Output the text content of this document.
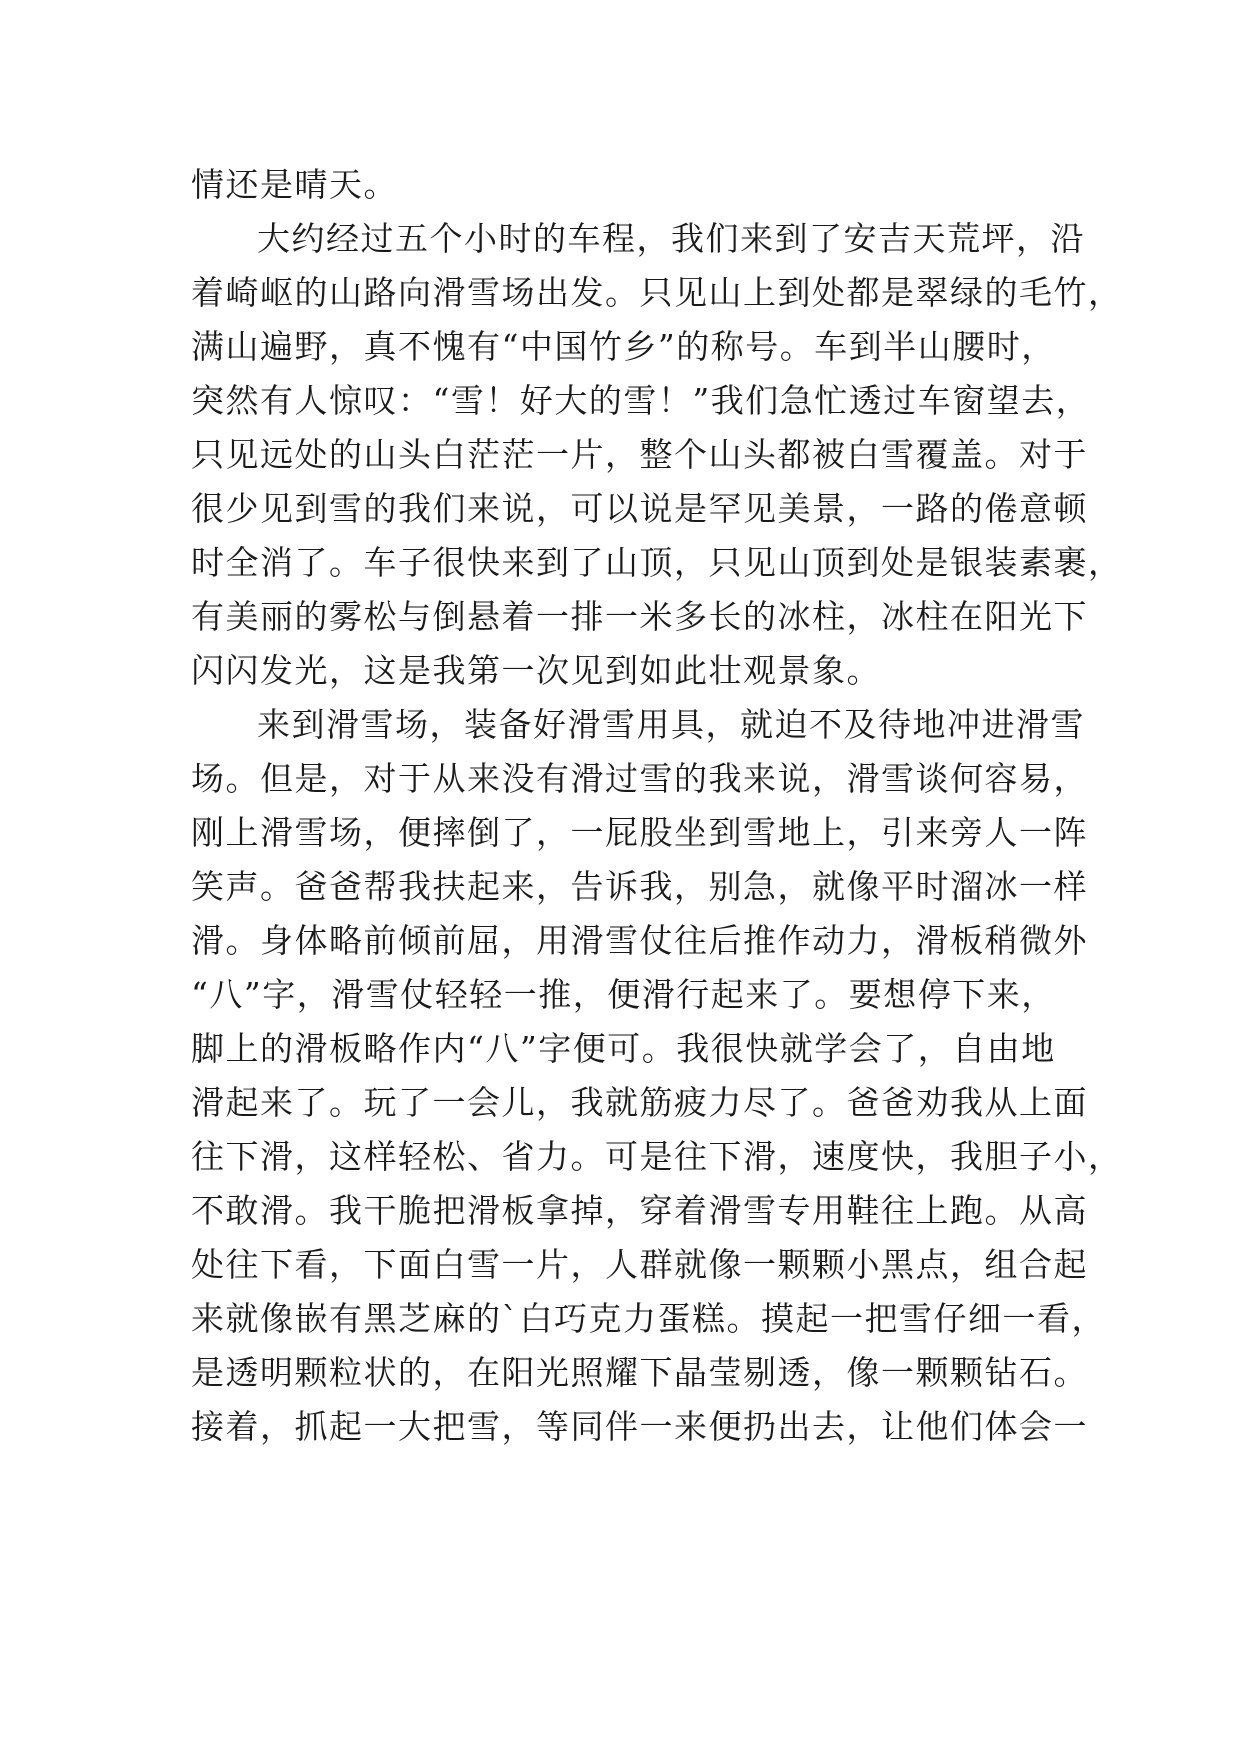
情还是晴天。
大约经过五个小时的车程，我们来到了安吉天荒坪，沿
着崎岖的山路向滑雪场出发。只见山上到处都是翠绿的毛竹，
满山遍野，真不愧有“中国竹乡”的称号。车到半山腰时，
突然有人惊叹：“雪！好大的雪！”我们急忙透过车窗望去，
只见远处的山头白茫茫一片，整个山头都被白雪覆盖。对于
很少见到雪的我们来说，可以说是罕见美景，一路的倦意顿
时全消了。车子很快来到了山顶，只见山顶到处是银装素裹，
有美丽的雾松与倒悬着一排一米多长的冰柱，冰柱在阳光下
闪闪发光，这是我第一次见到如此壮观景象。
来到滑雪场，装备好滑雪用具，就迫不及待地冲进滑雪
场。但是，对于从来没有滑过雪的我来说，滑雪谈何容易，
刚上滑雪场，便摔倒了，一屁股坐到雪地上，引来旁人一阵
笑声。爸爸帮我扶起来，告诉我，别急，就像平时溜冰一样
滑。身体略前倾前屈，用滑雪仗往后推作动力，滑板稍微外
“八”字，滑雪仗轻轻一推，便滑行起来了。要想停下来，
脚上的滑板略作内“八”字便可。我很快就学会了，自由地
滑起来了。玩了一会儿，我就筋疲力尽了。爸爸劝我从上面
往下滑，这样轻松、省力。可是往下滑，速度快，我胆子小，
不敢滑。我干脆把滑板拿掉，穿着滑雪专用鞋往上跑。从高
处往下看，下面白雪一片，人群就像一颗颗小黑点，组合起
来就像嵌有黑芝麻的`白巧克力蛋糕。摸起一把雪仔细一看，
是透明颗粒状的，在阳光照耀下晶莹剔透，像一颗颗钻石。
接着，抓起一大把雪，等同伴一来便扔出去，让他们体会一
